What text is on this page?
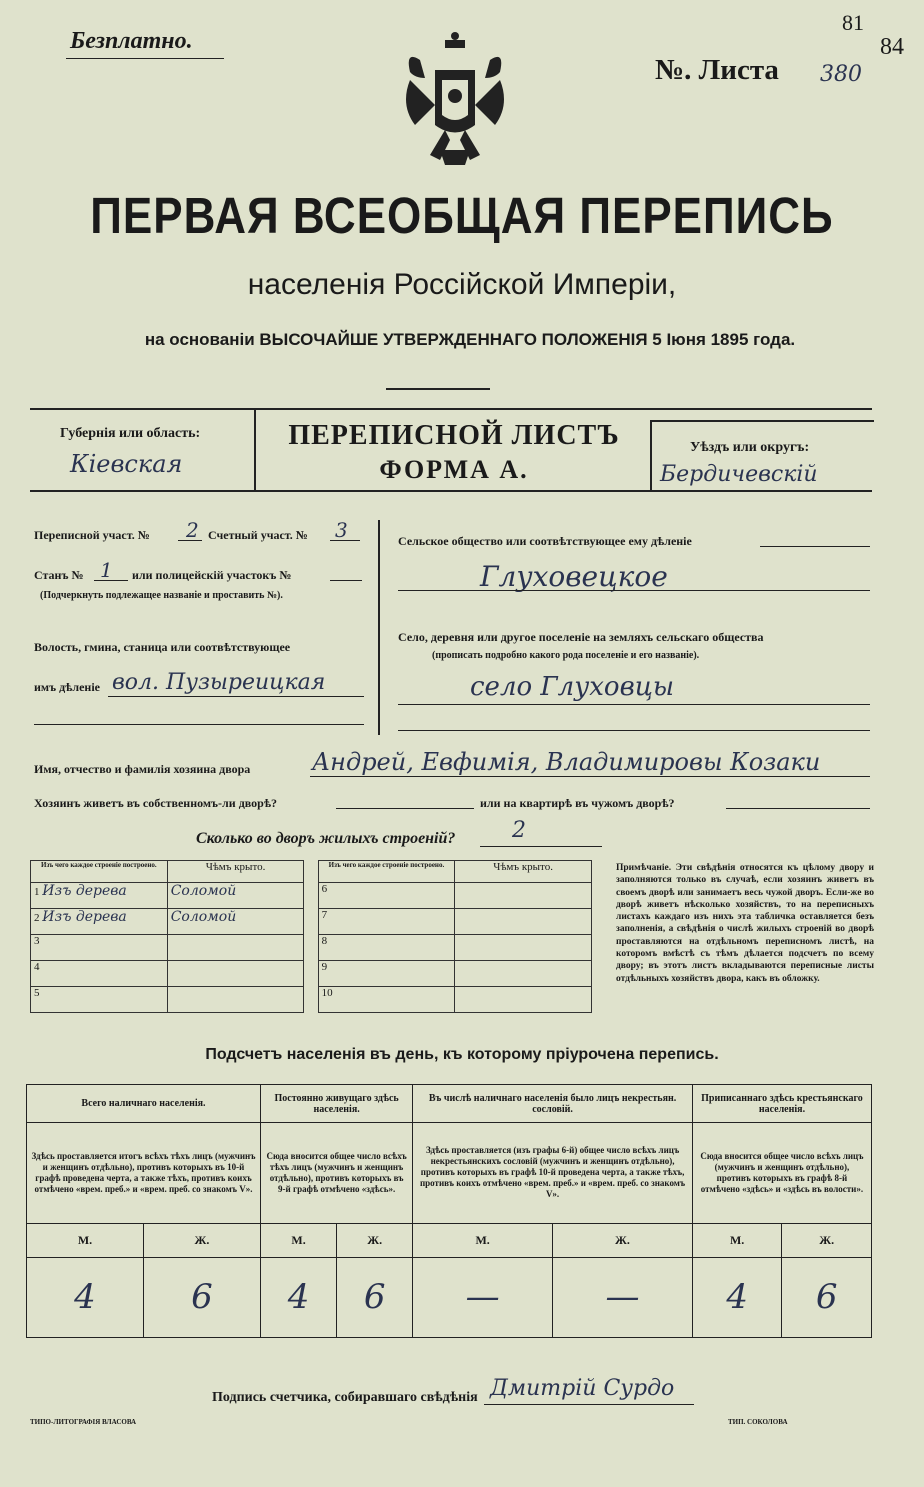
Безплатно.
81
84
№. Листа 380
ПЕРВАЯ ВСЕОБЩАЯ ПЕРЕПИСЬ
населенія Россійской Имперіи,
на основаніи ВЫСОЧАЙШЕ УТВЕРЖДЕННАГО ПОЛОЖЕНІЯ 5 Іюня 1895 года.
Губернія или область:
Кіевская
ПЕРЕПИСНОЙ ЛИСТЪ
ФОРМА А.
Уѣздъ или округъ:
Бердичевскій
Переписной участ. № 2 Счетный участ. № 3
Станъ № 1 или полицейскій участокъ №
(Подчеркнуть подлежащее названіе и проставить №).
Волость, гмина, станица или соотвѣтствующее
имъ дѣленіе вол. Пузыреицкая
Сельское общество или соотвѣтствующее ему дѣленіе
Глуховецкое
Село, деревня или другое поселеніе на земляхъ сельскаго общества
(прописать подробно какого рода поселеніе и его названіе).
село Глуховцы
Имя, отчество и фамилія хозяина двора	Андрей, Евфимія, Владимировы Козаки
Хозяинъ живетъ въ собственномъ-ли дворѣ?	или на квартирѣ въ чужомъ дворѣ?
Сколько во дворъ жилыхъ строеній?	2
Изъ чего каждое строеніе построено.	Чѣмъ крыто.		Изъ чего каждое строеніе построено.	Чѣмъ крыто.
1 Изъ дерева	Соломой		6	
2 Изъ дерева	Соломой		7	
3			8	
4			9	
5			10	
Примѣчаніе. Эти свѣдѣнія относятся къ цѣлому двору и заполняются только въ случаѣ, если хозяинъ живетъ въ своемъ дворѣ или занимаетъ весь чужой дворъ. Если-же во дворѣ живетъ нѣсколько хозяйствъ, то на переписныхъ листахъ каждаго изъ нихъ эта табличка оставляется безъ заполненія, а свѣдѣнія о числѣ жилыхъ строеній во дворѣ проставляются на отдѣльномъ переписномъ листѣ, на которомъ вмѣстѣ съ тѣмъ дѣлается подсчетъ по всему двору; въ этотъ листъ вкладываются переписные листы отдѣльныхъ хозяйствъ двора, какъ въ обложку.
Подсчетъ населенія въ день, къ которому пріурочена перепись.
Всего наличнаго населенія.		Постоянно живущаго здѣсь населенія.		Въ числѣ наличнаго населенія было лицъ некрестьян. сословій.		Приписаннаго здѣсь крестьянскаго населенія.	
Здѣсь проставляется итогъ всѣхъ тѣхъ лицъ (мужчинъ и женщинъ отдѣльно), противъ которыхъ въ 10-й графѣ проведена черта, а также тѣхъ, противъ коихъ отмѣчено «врем. преб.» и «врем. преб. со знакомъ V».		Сюда вносится общее число всѣхъ тѣхъ лицъ (мужчинъ и женщинъ отдѣльно), противъ которыхъ въ 9-й графѣ отмѣчено «здѣсь».		Здѣсь проставляется (изъ графы 6-й) общее число всѣхъ лицъ некрестьянскихъ сословій (мужчинъ и женщинъ отдѣльно), противъ которыхъ въ графѣ 10-й проведена черта, а также тѣхъ, противъ коихъ отмѣчено «врем. преб.» и «врем. преб. со знакомъ V».		Сюда вносится общее число всѣхъ лицъ (мужчинъ и женщинъ отдѣльно), противъ которыхъ въ графѣ 8-й отмѣчено «здѣсь» и «здѣсь въ волости».	
М.	Ж.	М.	Ж.	М.	Ж.	М.	Ж.
4	6	4	6	—	—	4	6
Подпись счетчика, собиравшаго свѣдѣнія Дмитрій Сурдо
ТИПО-ЛИТОГРАФІЯ ВЛАСОВА	ТИП. СОКОЛОВА
